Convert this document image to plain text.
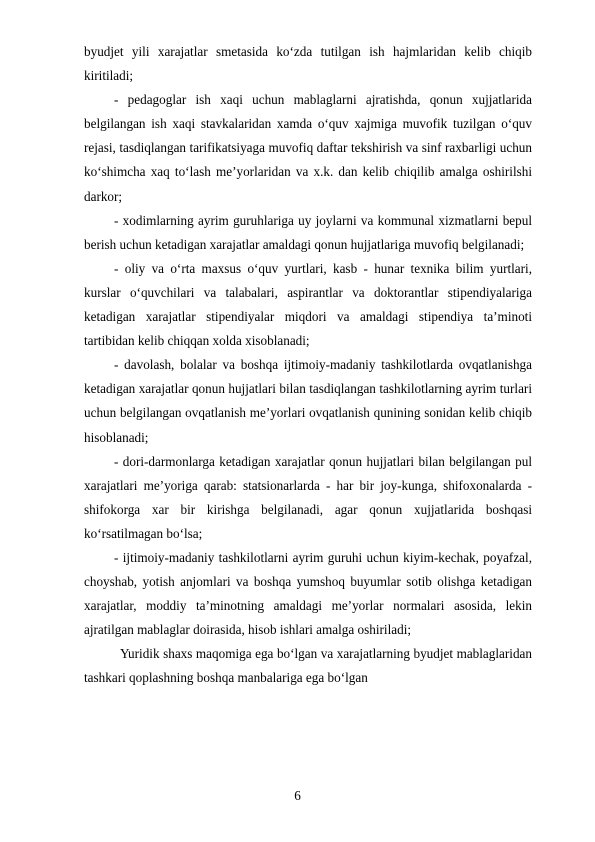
byudjet yili xarajatlar smetasida ko‘zda tutilgan ish hajmlaridan kelib chiqib kiritiladi;

- pedagoglar ish xaqi uchun mablaglarni ajratishda, qonun xujjatlarida belgilangan ish xaqi stavkalaridan xamda o‘quv xajmiga muvofik tuzilgan o‘quv rejasi, tasdiqlangan tarifikatsiyaga muvofiq daftar tekshirish va sinf raxbarligi uchun ko‘shimcha xaq to‘lash me’yorlaridan va x.k. dan kelib chiqilib amalga oshirilshi darkor;

- xodimlarning ayrim guruhlariga uy joylarni va kommunal xizmatlarni bepul berish uchun ketadigan xarajatlar amaldagi qonun hujjatlariga muvofiq belgilanadi;

- oliy va o‘rta maxsus o‘quv yurtlari, kasb - hunar texnika bilim yurtlari, kurslar o‘quvchilari va talabalari, aspirantlar va doktorantlar stipendiyalariga ketadigan xarajatlar stipendiyalar miqdori va amaldagi stipendiya ta’minoti tartibidan kelib chiqqan xolda xisoblanadi;

- davolash, bolalar va boshqa ijtimoiy-madaniy tashkilotlarda ovqatlanishga ketadigan xarajatlar qonun hujjatlari bilan tasdiqlangan tashkilotlarning ayrim turlari uchun belgilangan ovqatlanish me’yorlari ovqatlanish qunining sonidan kelib chiqib hisoblanadi;

- dori-darmonlarga ketadigan xarajatlar qonun hujjatlari bilan belgilangan pul xarajatlari me’yoriga qarab: statsionarlarda - har bir joy-kunga, shifoxonalarda - shifokorga xar bir kirishga belgilanadi, agar qonun xujjatlarida boshqasi ko‘rsatilmagan bo‘lsa;

- ijtimoiy-madaniy tashkilotlarni ayrim guruhi uchun kiyim-kechak, poyafzal, choyshab, yotish anjomlari va boshqa yumshoq buyumlar sotib olishga ketadigan xarajatlar, moddiy ta’minotning amaldagi me’yorlar normalari asosida, lekin ajratilgan mablaglar doirasida, hisob ishlari amalga oshiriladi;

Yuridik shaxs maqomiga ega bo‘lgan va xarajatlarning byudjet mablaglaridan tashkari qoplashning boshqa manbalariga ega bo‘lgan

6
